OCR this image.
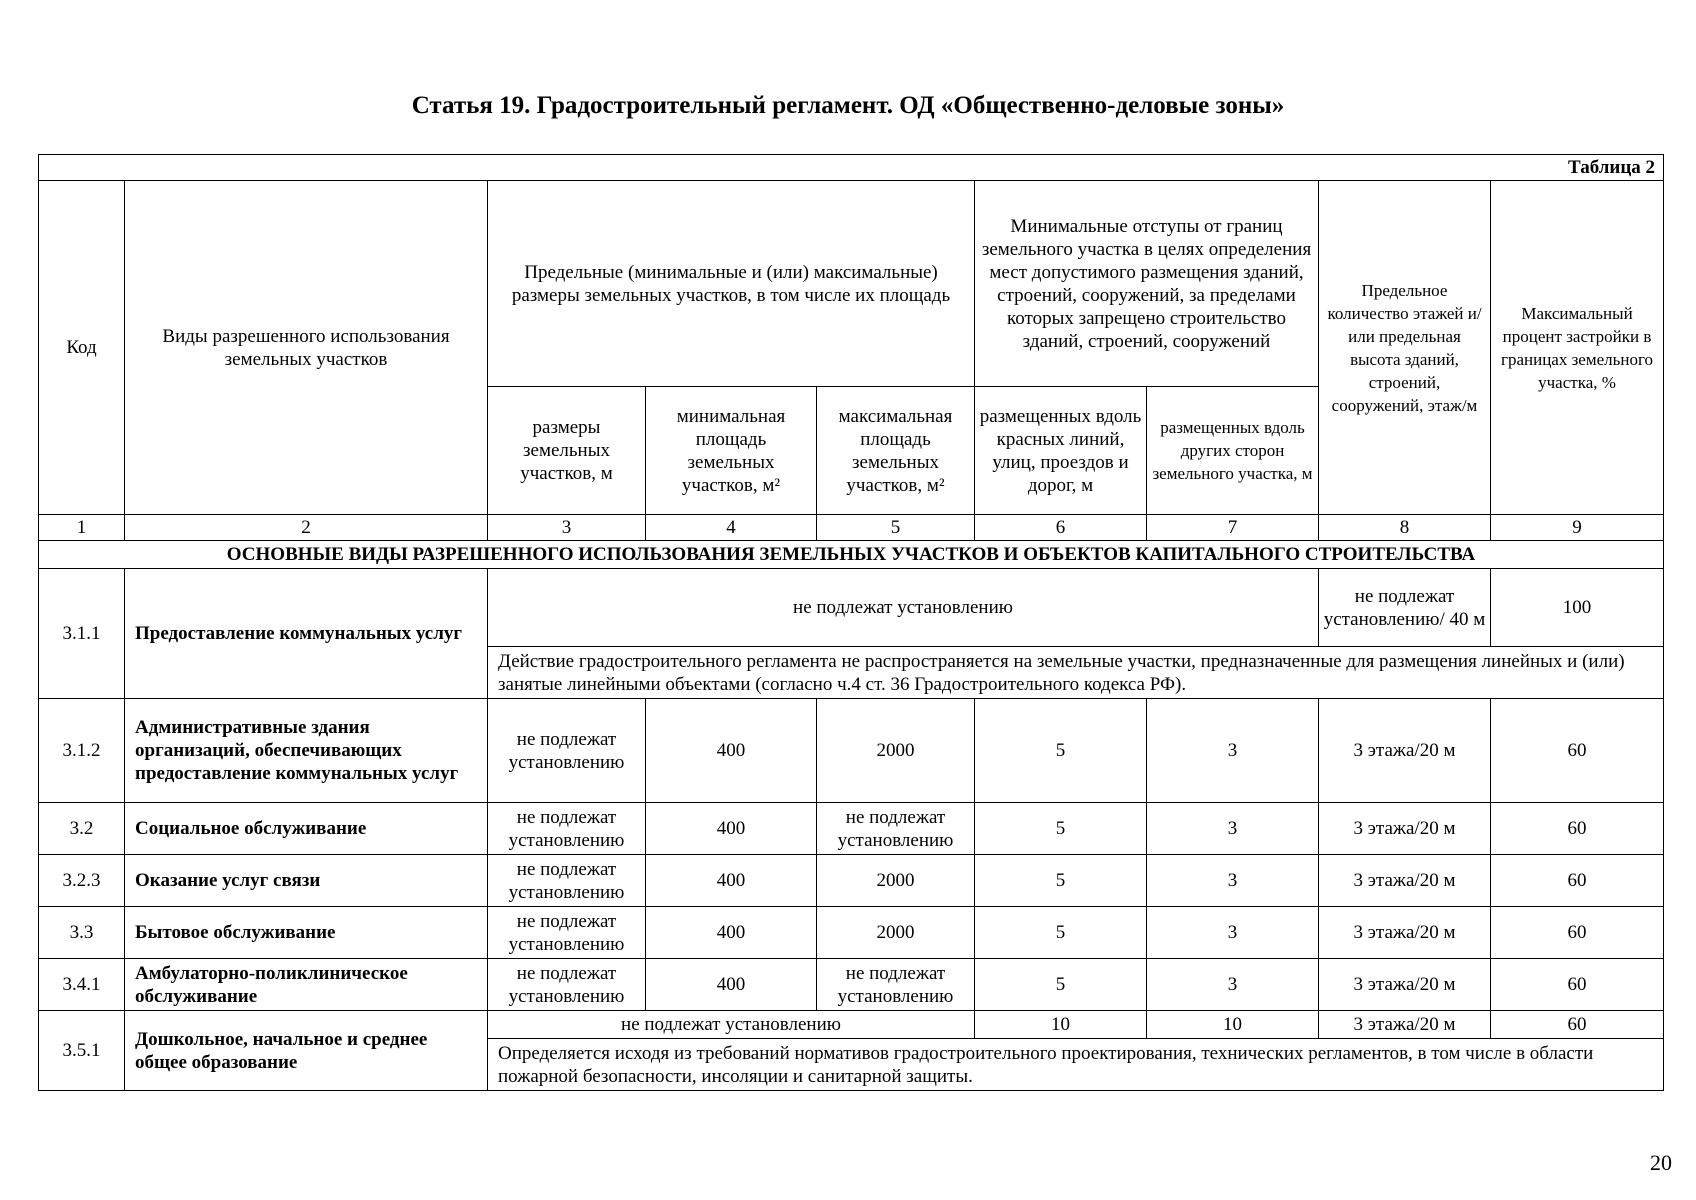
Статья 19. Градостроительный регламент. ОД «Общественно-деловые зоны»
Таблица 2								
Код	Виды разрешенного использования земельных участков	Предельные (минимальные и (или) максимальные) размеры земельных участков, в том числе их площадь			Минимальные отступы от границ земельного участка в целях определения мест допустимого размещения зданий, строений, сооружений, за пределами которых запрещено строительство зданий, строений, сооружений		Предельное количество этажей и/или предельная высота зданий, строений, сооружений, этаж/м	Максимальный процент застройки в границах земельного участка, %
		размеры земельных участков, м	минимальная площадь земельных участков, м²	максимальная площадь земельных участков, м²	размещенных вдоль красных линий, улиц, проездов и дорог, м	размещенных вдоль других сторон земельного участка, м		
1	2	3	4	5	6	7	8	9
ОСНОВНЫЕ ВИДЫ РАЗРЕШЕННОГО ИСПОЛЬЗОВАНИЯ ЗЕМЕЛЬНЫХ УЧАСТКОВ И ОБЪЕКТОВ КАПИТАЛЬНОГО СТРОИТЕЛЬСТВА								
3.1.1	Предоставление коммунальных услуг	не подлежат установлению					не подлежат установлению/ 40 м	100
		Действие градостроительного регламента не распространяется на земельные участки, предназначенные для размещения линейных и (или) занятые линейными объектами (согласно ч.4 ст. 36 Градостроительного кодекса РФ).						
3.1.2	Административные здания организаций, обеспечивающих предоставление коммунальных услуг	не подлежат установлению	400	2000	5	3	3 этажа/20 м	60
3.2	Социальное обслуживание	не подлежат установлению	400	не подлежат установлению	5	3	3 этажа/20 м	60
3.2.3	Оказание услуг связи	не подлежат установлению	400	2000	5	3	3 этажа/20 м	60
3.3	Бытовое обслуживание	не подлежат установлению	400	2000	5	3	3 этажа/20 м	60
3.4.1	Амбулаторно-поликлиническое обслуживание	не подлежат установлению	400	не подлежат установлению	5	3	3 этажа/20 м	60
3.5.1	Дошкольное, начальное и среднее общее образование	не подлежат установлению			10	10	3 этажа/20 м	60
		Определяется исходя из требований нормативов градостроительного проектирования, технических регламентов, в том числе в области пожарной безопасности, инсоляции и санитарной защиты.						
20
